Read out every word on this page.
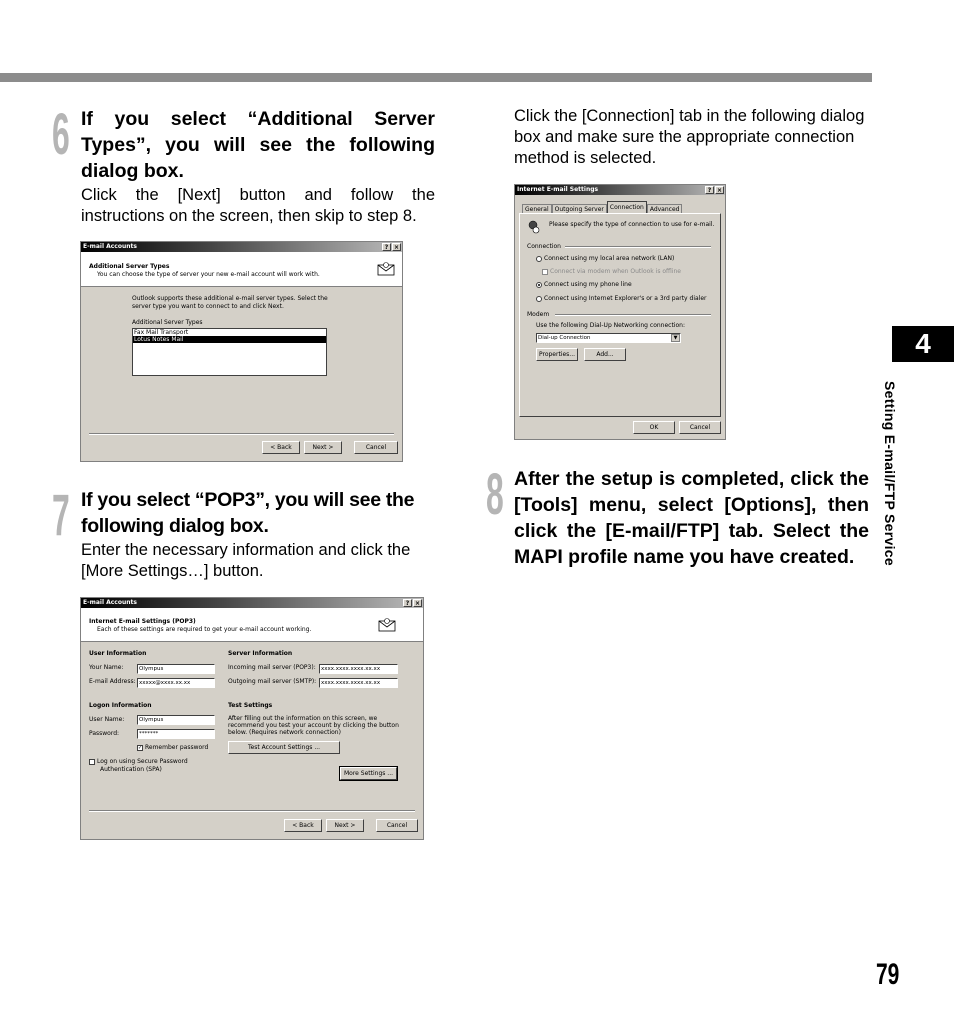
6 If you select “Additional Server Types”, you will see the following dialog box.
Click the [Next] button and follow the instructions on the screen, then skip to step 8.
E-mail Accounts	? ×
Additional Server Types
You can choose the type of server your new e-mail account will work with.
Outlook supports these additional e-mail server types. Select the
server type you want to connect to and click Next.
Additional Server Types
Fax Mail Transport
Lotus Notes Mail
< Back	Next >	Cancel
7 If you select “POP3”, you will see the following dialog box.
Enter the necessary information and click the [More Settings…] button.
E-mail Accounts	? ×
Internet E-mail Settings (POP3)
Each of these settings are required to get your e-mail account working.
User Information
Your Name:	Olympus
E-mail Address: xxxxx@xxxx.xx.xx
Server Information
Incoming mail server (POP3): xxxx.xxxx.xxxx.xx.xx
Outgoing mail server (SMTP): xxxx.xxxx.xxxx.xx.xx
Logon Information
User Name:	Olympus
Password:	*******
✓ Remember password
Log on using Secure Password
Authentication (SPA)
Test Settings
After filling out the information on this screen, we
recommend you test your account by clicking the button
below. (Requires network connection)
Test Account Settings ...
More Settings ...
< Back	Next >	Cancel
Click the [Connection] tab in the following dialog box and make sure the appropriate connection method is selected.
Internet E-mail Settings	? ×
General Outgoing Server Connection Advanced
Please specify the type of connection to use for e-mail.
Connection
Connect using my local area network (LAN)
Connect via modem when Outlook is offline
Connect using my phone line
Connect using Internet Explorer's or a 3rd party dialer
Modem
Use the following Dial-Up Networking connection:
Dial-up Connection	▼
Properties...	Add...
OK	Cancel
8 After the setup is completed, click the [Tools] menu, select [Options], then click the [E-mail/FTP] tab. Select the MAPI profile name you have created.
4
Setting E-mail/FTP Service
79
